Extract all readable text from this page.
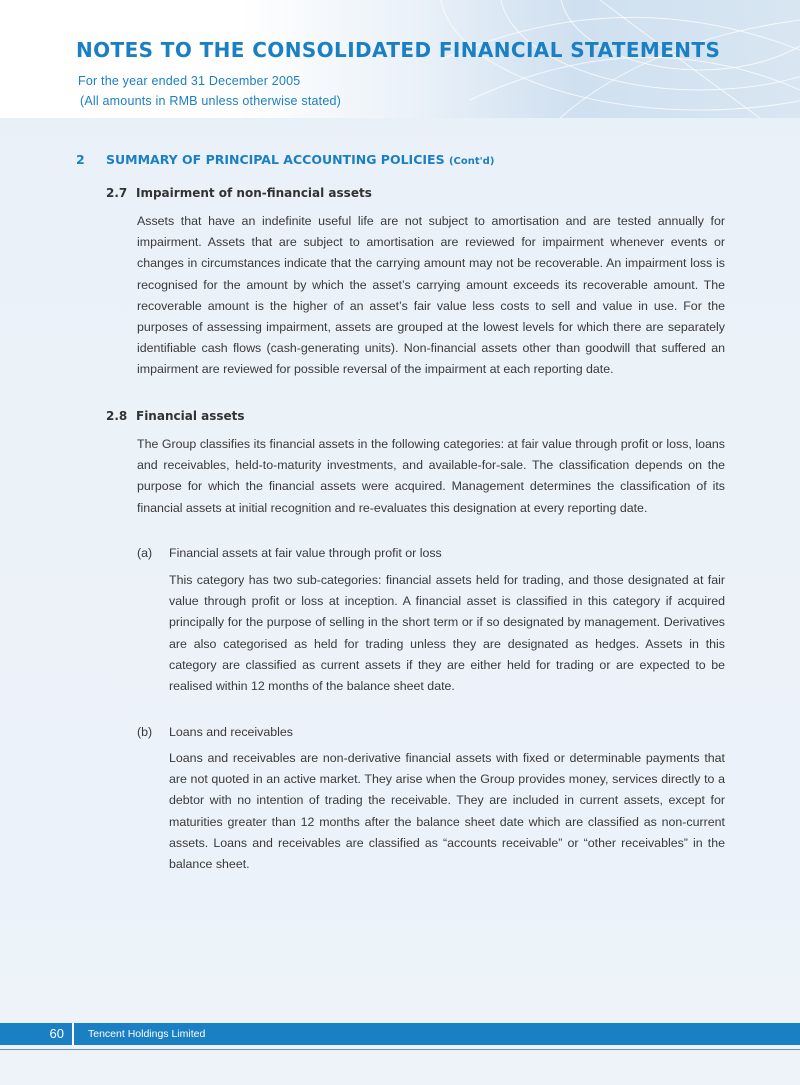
NOTES TO THE CONSOLIDATED FINANCIAL STATEMENTS
For the year ended 31 December 2005
(All amounts in RMB unless otherwise stated)
2 SUMMARY OF PRINCIPAL ACCOUNTING POLICIES (Cont'd)
2.7 Impairment of non-financial assets

Assets that have an indefinite useful life are not subject to amortisation and are tested annually for impairment. Assets that are subject to amortisation are reviewed for impairment whenever events or changes in circumstances indicate that the carrying amount may not be recoverable. An impairment loss is recognised for the amount by which the asset’s carrying amount exceeds its recoverable amount. The recoverable amount is the higher of an asset’s fair value less costs to sell and value in use. For the purposes of assessing impairment, assets are grouped at the lowest levels for which there are separately identifiable cash flows (cash-generating units). Non-financial assets other than goodwill that suffered an impairment are reviewed for possible reversal of the impairment at each reporting date.

2.8 Financial assets

The Group classifies its financial assets in the following categories: at fair value through profit or loss, loans and receivables, held-to-maturity investments, and available-for-sale. The classification depends on the purpose for which the financial assets were acquired. Management determines the classification of its financial assets at initial recognition and re-evaluates this designation at every reporting date.

(a) Financial assets at fair value through profit or loss

This category has two sub-categories: financial assets held for trading, and those designated at fair value through profit or loss at inception. A financial asset is classified in this category if acquired principally for the purpose of selling in the short term or if so designated by management. Derivatives are also categorised as held for trading unless they are designated as hedges. Assets in this category are classified as current assets if they are either held for trading or are expected to be realised within 12 months of the balance sheet date.

(b) Loans and receivables

Loans and receivables are non-derivative financial assets with fixed or determinable payments that are not quoted in an active market. They arise when the Group provides money, services directly to a debtor with no intention of trading the receivable. They are included in current assets, except for maturities greater than 12 months after the balance sheet date which are classified as non-current assets. Loans and receivables are classified as “accounts receivable” or “other receivables” in the balance sheet.

60 Tencent Holdings Limited
